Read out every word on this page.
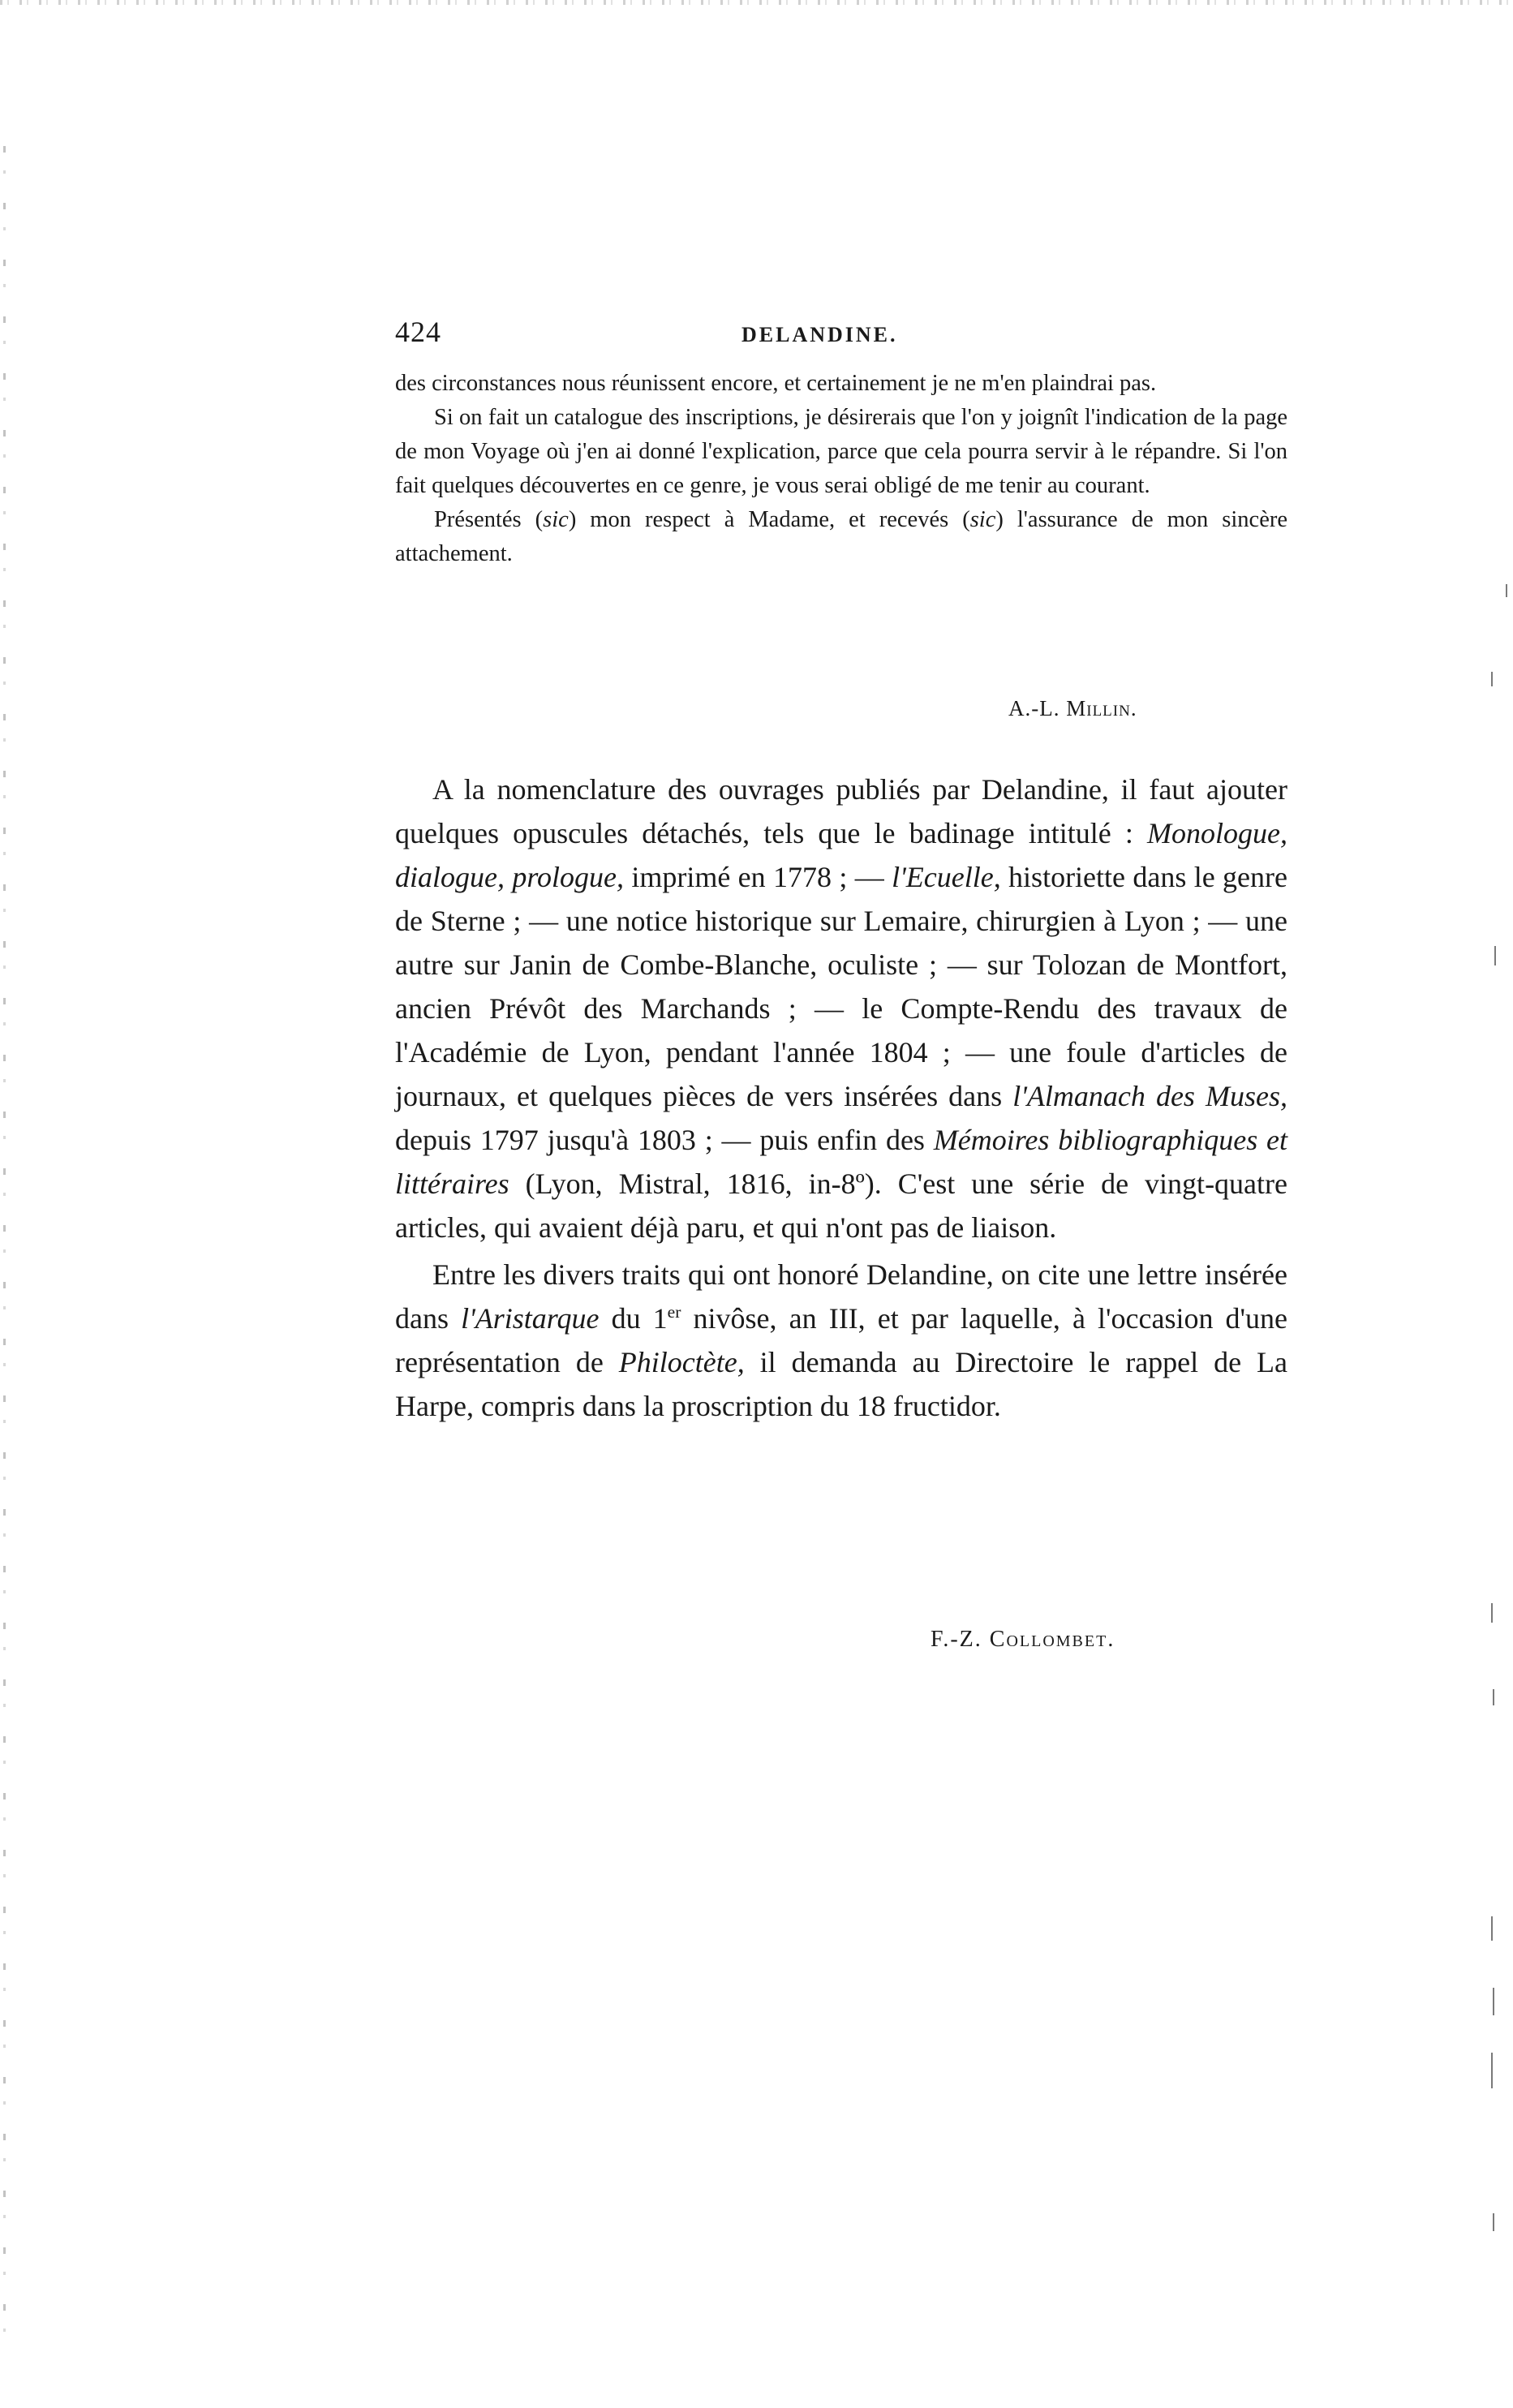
424	DELANDINE.

des circonstances nous réunissent encore, et certainement je ne m'en plaindrai pas.

Si on fait un catalogue des inscriptions, je désirerais que l'on y joignît l'indication de la page de mon Voyage où j'en ai donné l'explication, parce que cela pourra servir à le répandre. Si l'on fait quelques découvertes en ce genre, je vous serai obligé de me tenir au courant.

Présentés (sic) mon respect à Madame, et recevés (sic) l'assurance de mon sincère attachement.

A.-L. Millin.

A la nomenclature des ouvrages publiés par Delandine, il faut ajouter quelques opuscules détachés, tels que le badinage intitulé : Monologue, dialogue, prologue, imprimé en 1778 ; — l'Ecuelle, historiette dans le genre de Sterne ; — une notice historique sur Lemaire, chirurgien à Lyon ; — une autre sur Janin de Combe-Blanche, oculiste ; — sur Tolozan de Montfort, ancien Prévôt des Marchands ; — le Compte-Rendu des travaux de l'Académie de Lyon, pendant l'année 1804 ; — une foule d'articles de journaux, et quelques pièces de vers insérées dans l'Almanach des Muses, depuis 1797 jusqu'à 1803 ; — puis enfin des Mémoires bibliographiques et littéraires (Lyon, Mistral, 1816, in-8º). C'est une série de vingt-quatre articles, qui avaient déjà paru, et qui n'ont pas de liaison.

Entre les divers traits qui ont honoré Delandine, on cite une lettre insérée dans l'Aristarque du 1er nivôse, an III, et par laquelle, à l'occasion d'une représentation de Philoctète, il demanda au Directoire le rappel de La Harpe, compris dans la proscription du 18 fructidor.

F.-Z. Collombet.
